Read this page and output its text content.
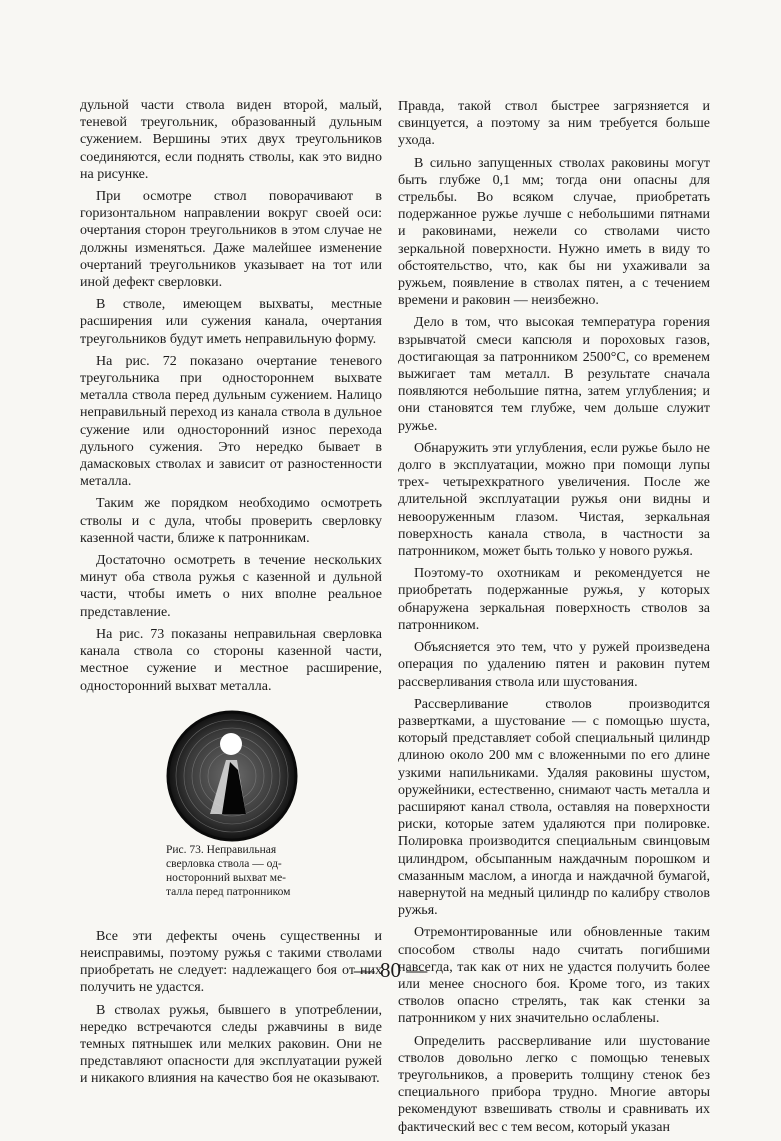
дульной части ствола виден второй, малый, теневой треугольник, образованный дульным сужением. Вершины этих двух треугольников соединяются, если поднять стволы, как это видно на рисунке.

При осмотре ствол поворачивают в горизонтальном направлении вокруг своей оси: очертания сторон треугольников в этом случае не должны изменяться. Даже малейшее изменение очертаний треугольников указывает на тот или иной дефект сверловки.

В стволе, имеющем выхваты, местные расширения или сужения канала, очертания треугольников будут иметь неправильную форму.

На рис. 72 показано очертание теневого треугольника при одностороннем выхвате металла ствола перед дульным сужением. Налицо неправильный переход из канала ствола в дульное сужение или односторонний износ перехода дульного сужения. Это нередко бывает в дамасковых стволах и зависит от разностенности металла.

Таким же порядком необходимо осмотреть стволы и с дула, чтобы проверить сверловку казенной части, ближе к патронникам.

Достаточно осмотреть в течение нескольких минут оба ствола ружья с казенной и дульной части, чтобы иметь о них вполне реальное представление.

На рис. 73 показаны неправильная сверловка канала ствола со стороны казенной части, местное сужение и местное расширение, односторонний выхват металла.

Рис. 73. Неправильная
сверловка ствола — од-
носторонний выхват ме-
талла перед патронником

Все эти дефекты очень существенны и неисправимы, поэтому ружья с такими стволами приобретать не следует: надлежащего боя от них получить не удастся.

В стволах ружья, бывшего в употреблении, нередко встречаются следы ржавчины в виде темных пятнышек или мелких раковин. Они не представляют опасности для эксплуатации ружей и никакого влияния на качество боя не оказывают.

Правда, такой ствол быстрее загрязняется и свинцуется, а поэтому за ним требуется больше ухода.

В сильно запущенных стволах раковины могут быть глубже 0,1 мм; тогда они опасны для стрельбы. Во всяком случае, приобретать подержанное ружье лучше с небольшими пятнами и раковинами, нежели со стволами чисто зеркальной поверхности. Нужно иметь в виду то обстоятельство, что, как бы ни ухаживали за ружьем, появление в стволах пятен, а с течением времени и раковин — неизбежно.

Дело в том, что высокая температура горения взрывчатой смеси капсюля и пороховых газов, достигающая за патронником 2500°С, со временем выжигает там металл. В результате сначала появляются небольшие пятна, затем углубления; и они становятся тем глубже, чем дольше служит ружье.

Обнаружить эти углубления, если ружье было не долго в эксплуатации, можно при помощи лупы трех- четырехкратного увеличения. После же длительной эксплуатации ружья они видны и невооруженным глазом. Чистая, зеркальная поверхность канала ствола, в частности за патронником, может быть только у нового ружья.

Поэтому-то охотникам и рекомендуется не приобретать подержанные ружья, у которых обнаружена зеркальная поверхность стволов за патронником.

Объясняется это тем, что у ружей произведена операция по удалению пятен и раковин путем рассверливания ствола или шустования.

Рассверливание стволов производится развертками, а шустование — с помощью шуста, который представляет собой специальный цилиндр длиною около 200 мм с вложенными по его длине узкими напильниками. Удаляя раковины шустом, оружейники, естественно, снимают часть металла и расширяют канал ствола, оставляя на поверхности риски, которые затем удаляются при полировке. Полировка производится специальным свинцовым цилиндром, обсыпанным наждачным порошком и смазанным маслом, а иногда и наждачной бумагой, навернутой на медный цилиндр по калибру стволов ружья.

Отремонтированные или обновленные таким способом стволы надо считать погибшими навсегда, так как от них не удастся получить более или менее сносного боя. Кроме того, из таких стволов опасно стрелять, так как стенки за патронником у них значительно ослаблены.

Определить рассверливание или шустование стволов довольно легко с помощью теневых треугольников, а проверить толщину стенок без специального прибора трудно. Многие авторы рекомендуют взвешивать стволы и сравнивать их фактический вес с тем весом, который указан

— 80 —
